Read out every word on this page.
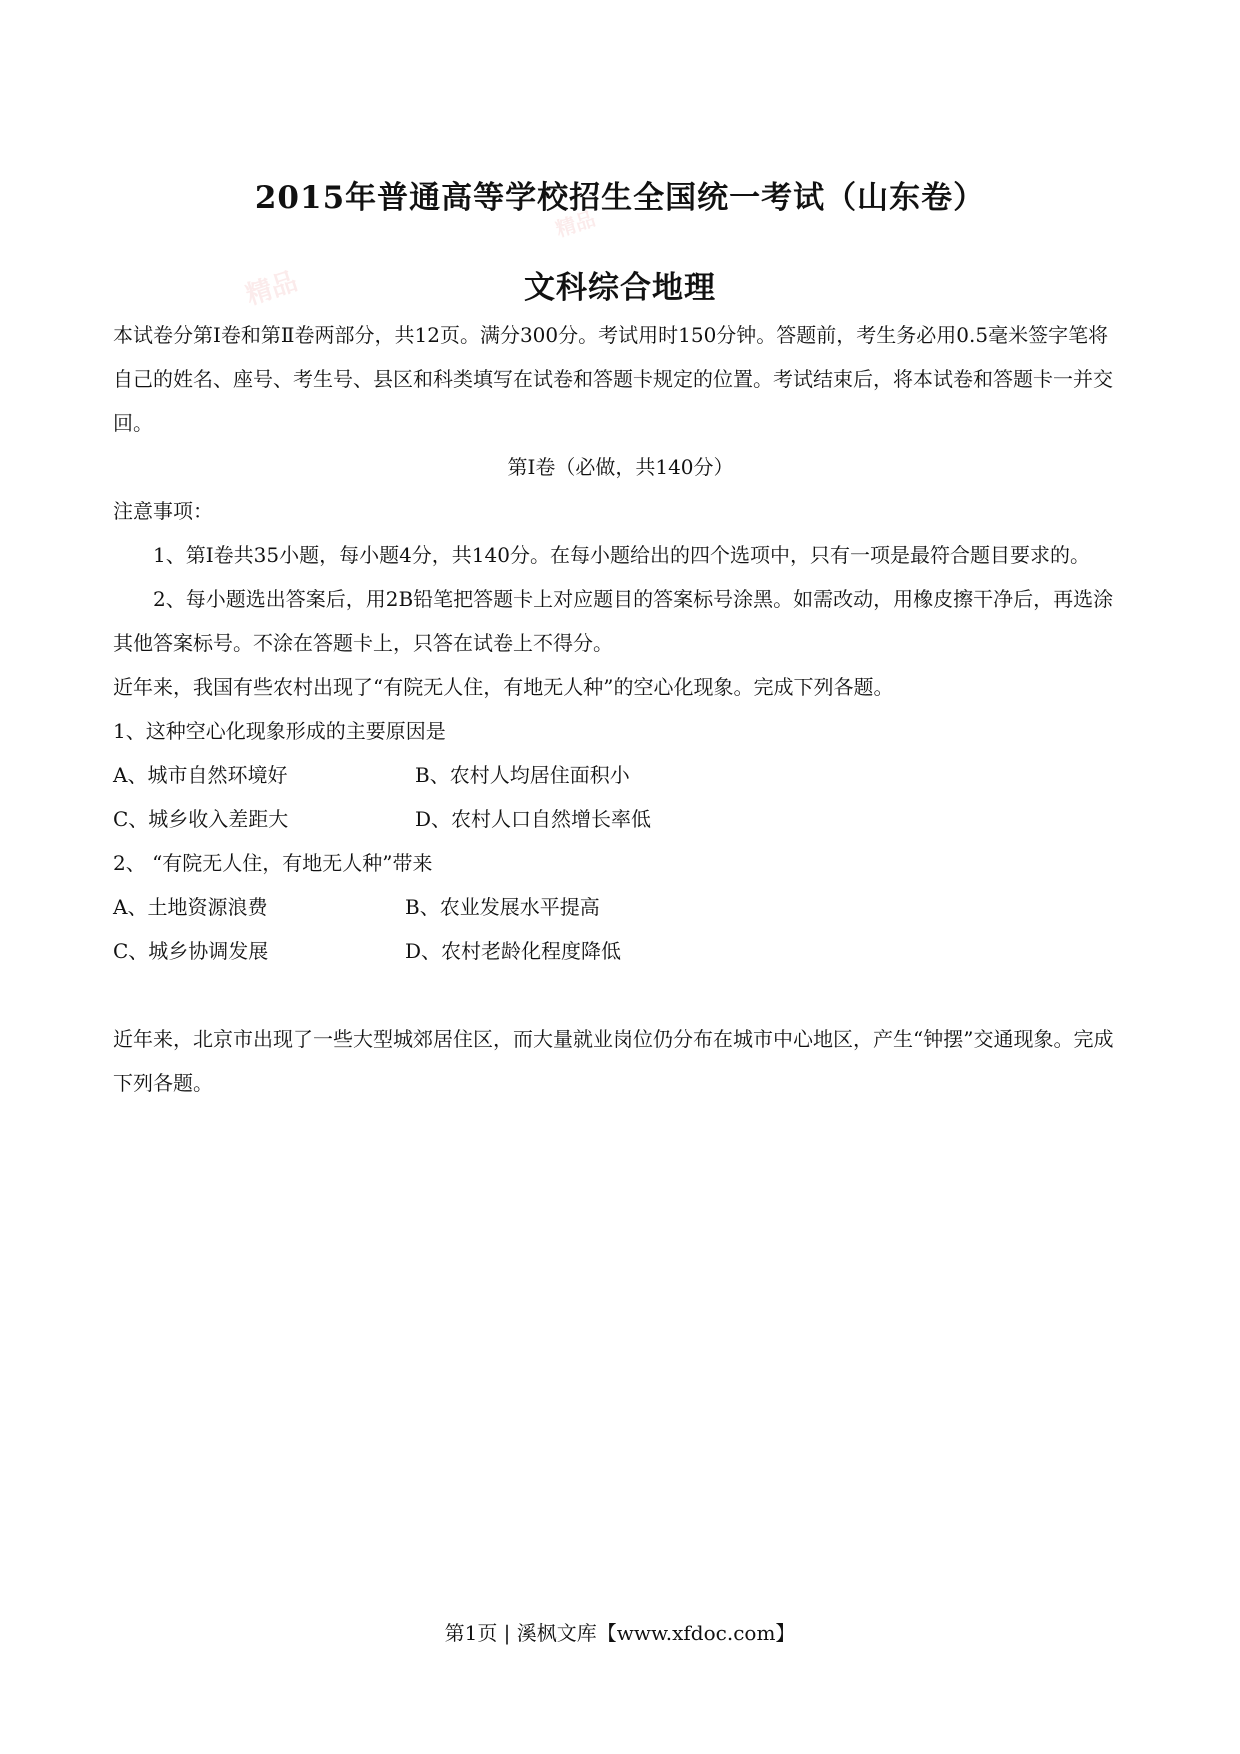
精品
精品
2015年普通高等学校招生全国统一考试（山东卷）
文科综合地理

本试卷分第Ⅰ卷和第Ⅱ卷两部分，共12页。满分300分。考试用时150分钟。答题前，考生务必用0.5毫米签字笔将自己的姓名、座号、考生号、县区和科类填写在试卷和答题卡规定的位置。考试结束后，将本试卷和答题卡一并交回。

第Ⅰ卷（必做，共140分）

注意事项：

1、第Ⅰ卷共35小题，每小题4分，共140分。在每小题给出的四个选项中，只有一项是最符合题目要求的。

2、每小题选出答案后，用2B铅笔把答题卡上对应题目的答案标号涂黑。如需改动，用橡皮擦干净后，再选涂其他答案标号。不涂在答题卡上，只答在试卷上不得分。

近年来，我国有些农村出现了“有院无人住，有地无人种”的空心化现象。完成下列各题。

1、这种空心化现象形成的主要原因是

A、城市自然环境好	B、农村人均居住面积小
C、城乡收入差距大	D、农村人口自然增长率低

2、 “有院无人住，有地无人种”带来

A、土地资源浪费	B、农业发展水平提高
C、城乡协调发展	D、农村老龄化程度降低

近年来，北京市出现了一些大型城郊居住区，而大量就业岗位仍分布在城市中心地区，产生“钟摆”交通现象。完成下列各题。

第1页 | 溪枫文库【www.xfdoc.com】
